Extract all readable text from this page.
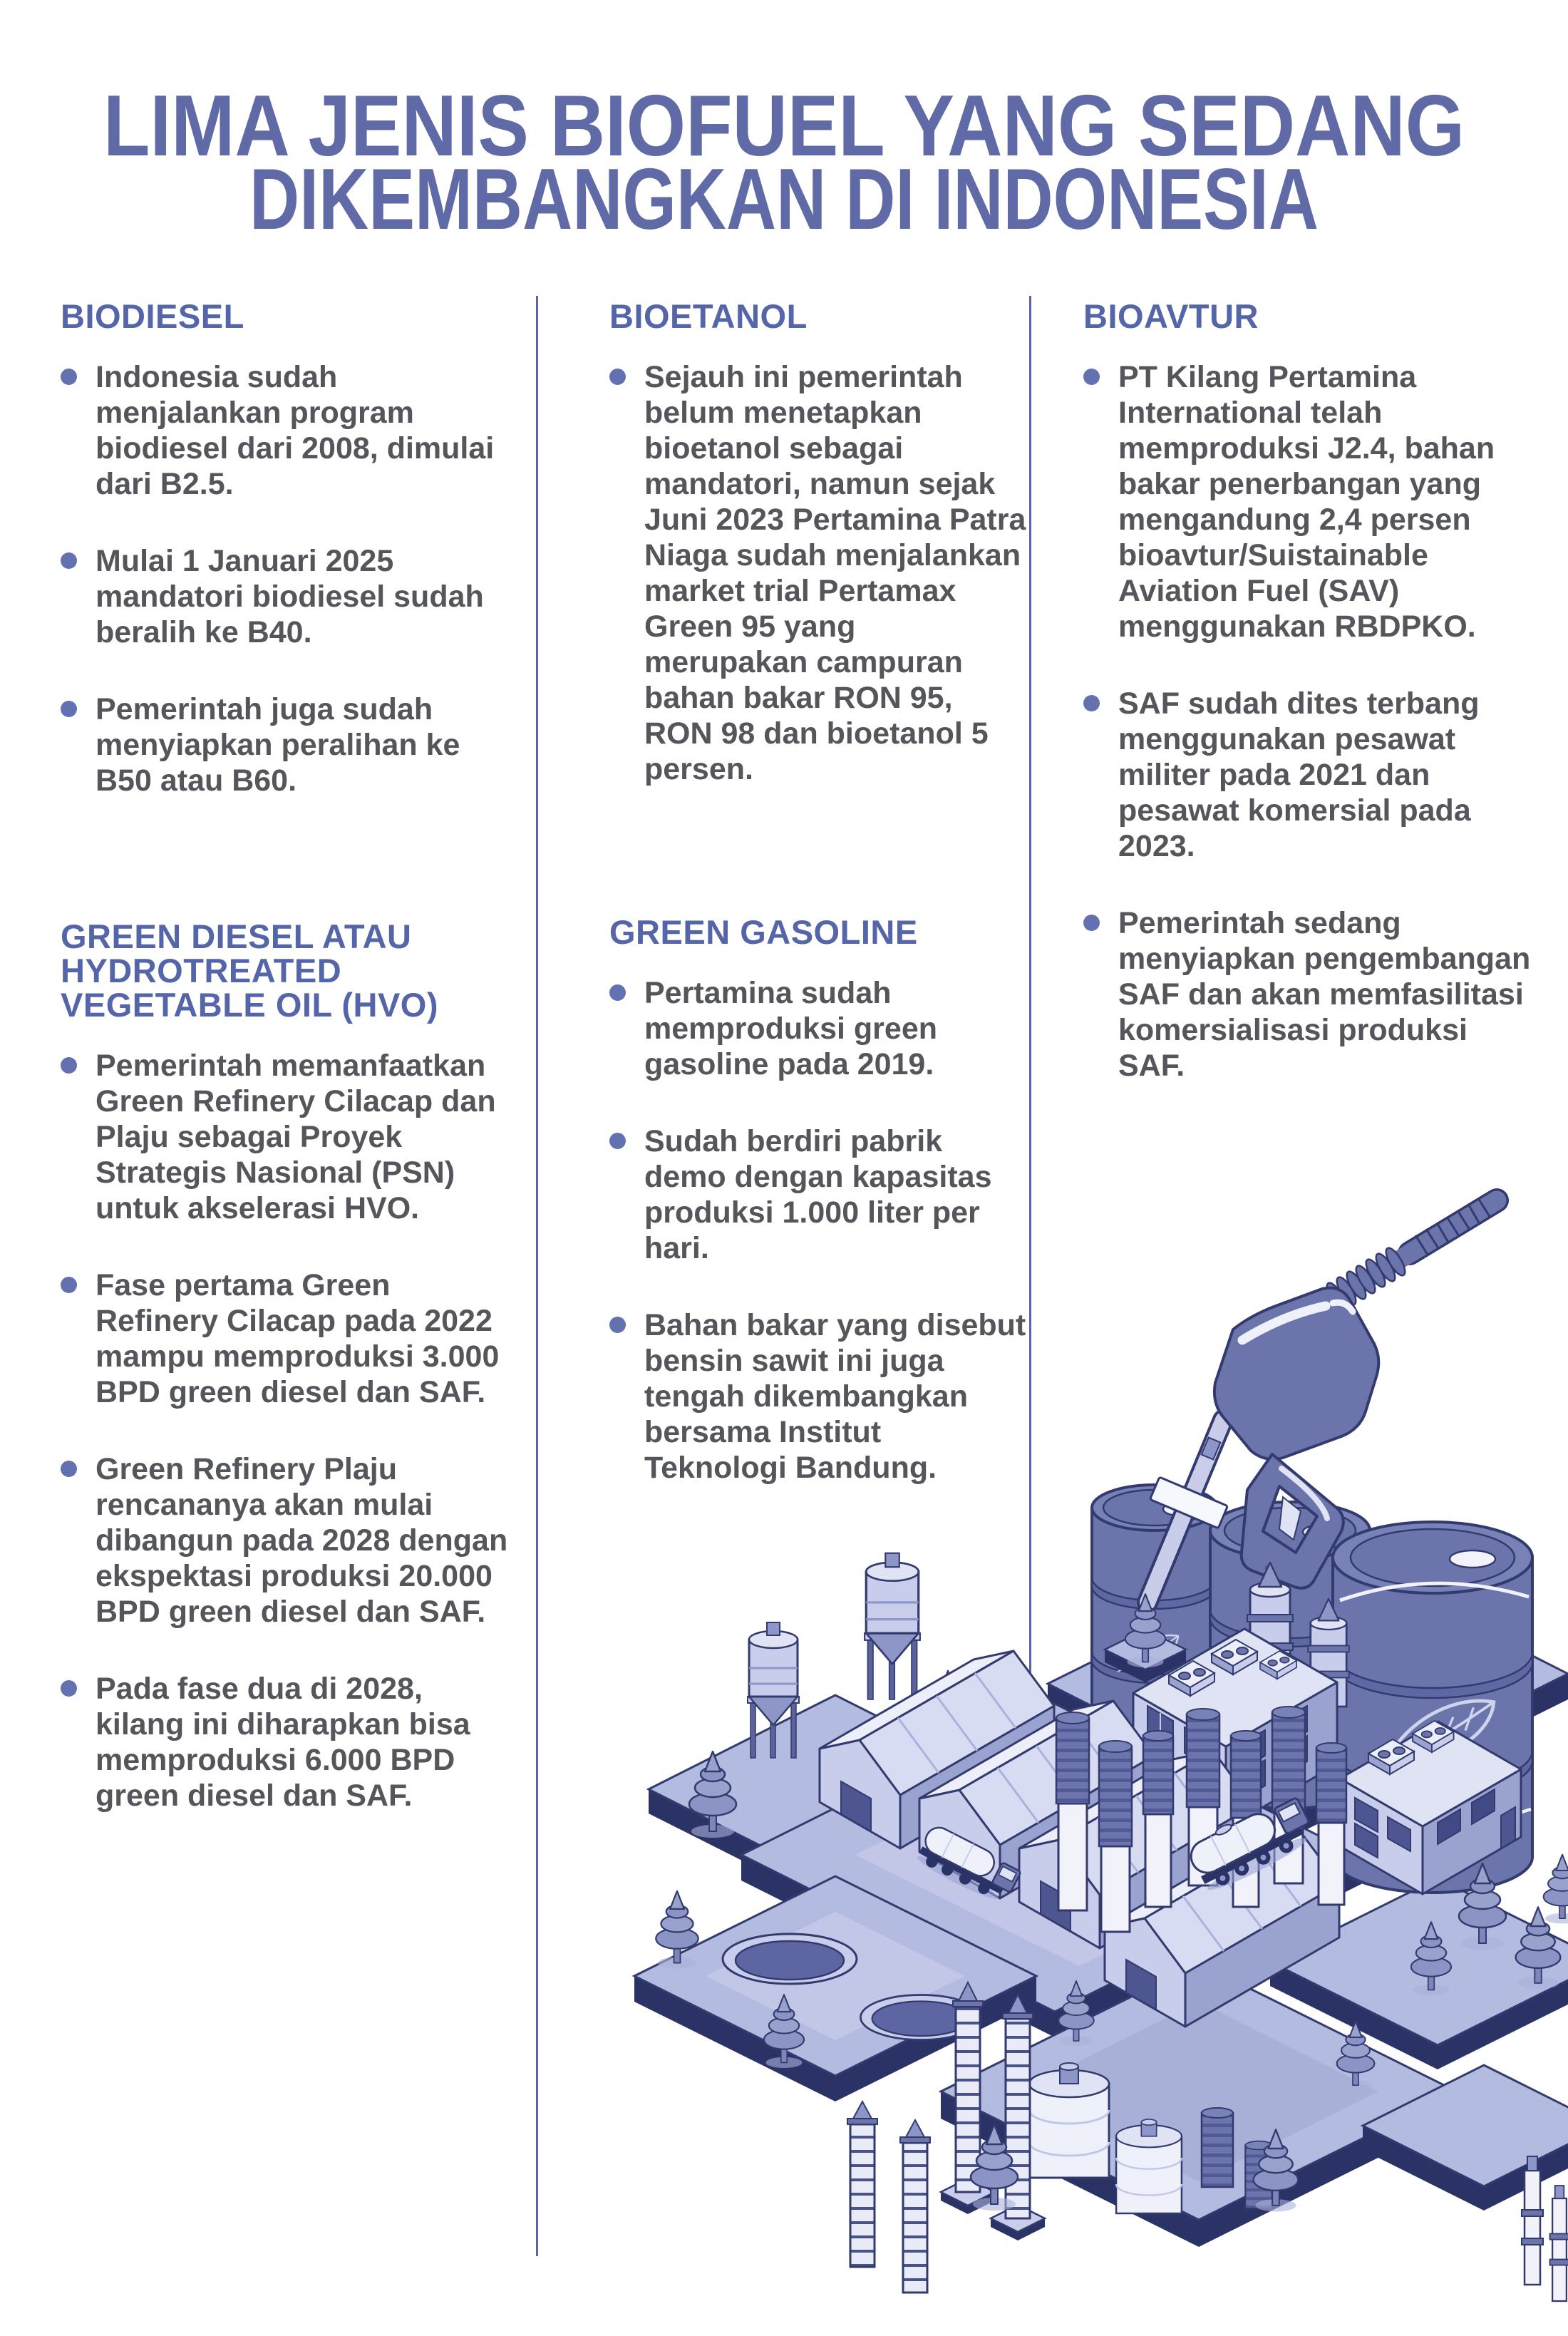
LIMA JENIS BIOFUEL YANG SEDANG
DIKEMBANGKAN DI INDONESIA
BIODIESEL
Indonesia sudah menjalankan program biodiesel dari 2008, dimulai dari B2.5.
Mulai 1 Januari 2025 mandatori biodiesel sudah beralih ke B40.
Pemerintah juga sudah menyiapkan peralihan ke B50 atau B60.
GREEN DIESEL ATAU
HYDROTREATED
VEGETABLE OIL (HVO)
Pemerintah memanfaatkan Green Refinery Cilacap dan Plaju sebagai Proyek Strategis Nasional (PSN) untuk akselerasi HVO.
Fase pertama Green Refinery Cilacap pada 2022 mampu memproduksi 3.000 BPD green diesel dan SAF.
Green Refinery Plaju rencananya akan mulai dibangun pada 2028 dengan ekspektasi produksi 20.000 BPD green diesel dan SAF.
Pada fase dua di 2028, kilang ini diharapkan bisa memproduksi 6.000 BPD green diesel dan SAF.
BIOETANOL
Sejauh ini pemerintah belum menetapkan bioetanol sebagai mandatori, namun sejak Juni 2023 Pertamina Patra Niaga sudah menjalankan market trial Pertamax Green 95 yang merupakan campuran bahan bakar RON 95, RON 98 dan bioetanol 5 persen.
GREEN GASOLINE
Pertamina sudah memproduksi green gasoline pada 2019.
Sudah berdiri pabrik demo dengan kapasitas produksi 1.000 liter per hari.
Bahan bakar yang disebut bensin sawit ini juga tengah dikembangkan bersama Institut Teknologi Bandung.
BIOAVTUR
PT Kilang Pertamina International telah memproduksi J2.4, bahan bakar penerbangan yang mengandung 2,4 persen bioavtur/Suistainable Aviation Fuel (SAV) menggunakan RBDPKO.
SAF sudah dites terbang menggunakan pesawat militer pada 2021 dan pesawat komersial pada 2023.
Pemerintah sedang menyiapkan pengembangan SAF dan akan memfasilitasi komersialisasi produksi SAF.
